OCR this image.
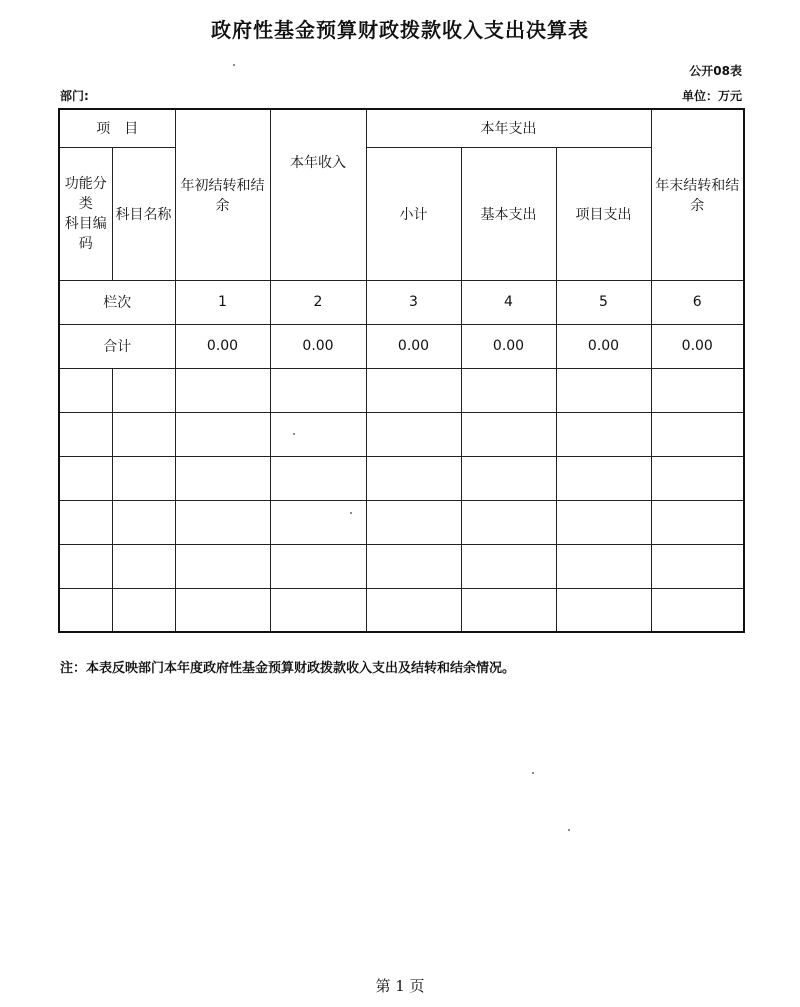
政府性基金预算财政拨款收入支出决算表
公开08表
部门:	单位：万元
项　目		年初结转和结余	本年收入	本年支出			年末结转和结余
功能分类
科目编码	科目名称			小计	基本支出	项目支出	
栏次		1	2	3	4	5	6
合计		0.00	0.00	0.00	0.00	0.00	0.00

注：本表反映部门本年度政府性基金预算财政拨款收入支出及结转和结余情况。
第 1 页
